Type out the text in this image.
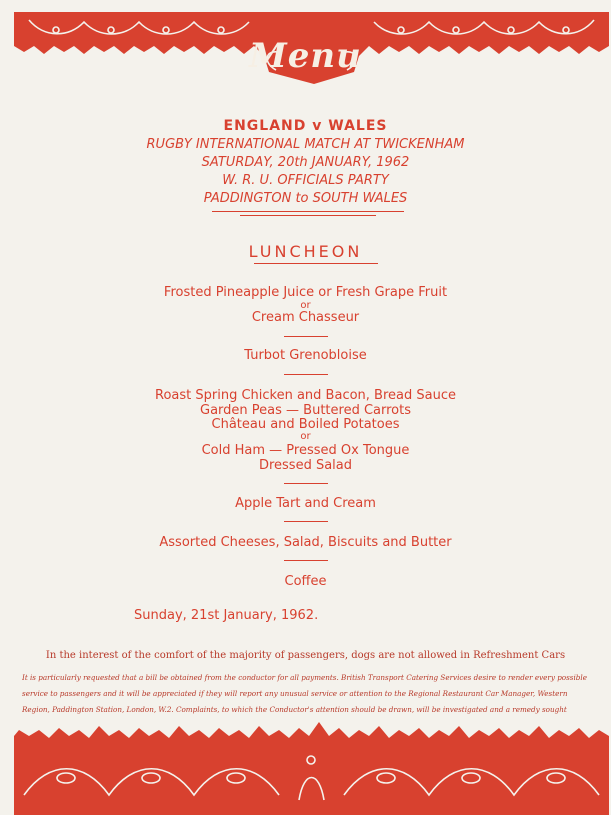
Menu
ENGLAND v WALES
RUGBY INTERNATIONAL MATCH AT TWICKENHAM
SATURDAY, 20th JANUARY, 1962
W. R. U. OFFICIALS PARTY
PADDINGTON to SOUTH WALES
LUNCHEON
Frosted Pineapple Juice or Fresh Grape Fruit
or
Cream Chasseur
Turbot Grenobloise
Roast Spring Chicken and Bacon, Bread Sauce
Garden Peas — Buttered Carrots
Château and Boiled Potatoes
or
Cold Ham — Pressed Ox Tongue
Dressed Salad
Apple Tart and Cream
Assorted Cheeses, Salad, Biscuits and Butter
Coffee
Sunday, 21st January, 1962.
In the interest of the comfort of the majority of passengers, dogs are not allowed in Refreshment Cars
It is particularly requested that a bill be obtained from the conductor for all payments. British Transport Catering Services desire to render every possible
service to passengers and it will be appreciated if they will report any unusual service or attention to the Regional Restaurant Car Manager, Western
Region, Paddington Station, London, W.2. Complaints, to which the Conductor's attention should be drawn, will be investigated and a remedy sought
